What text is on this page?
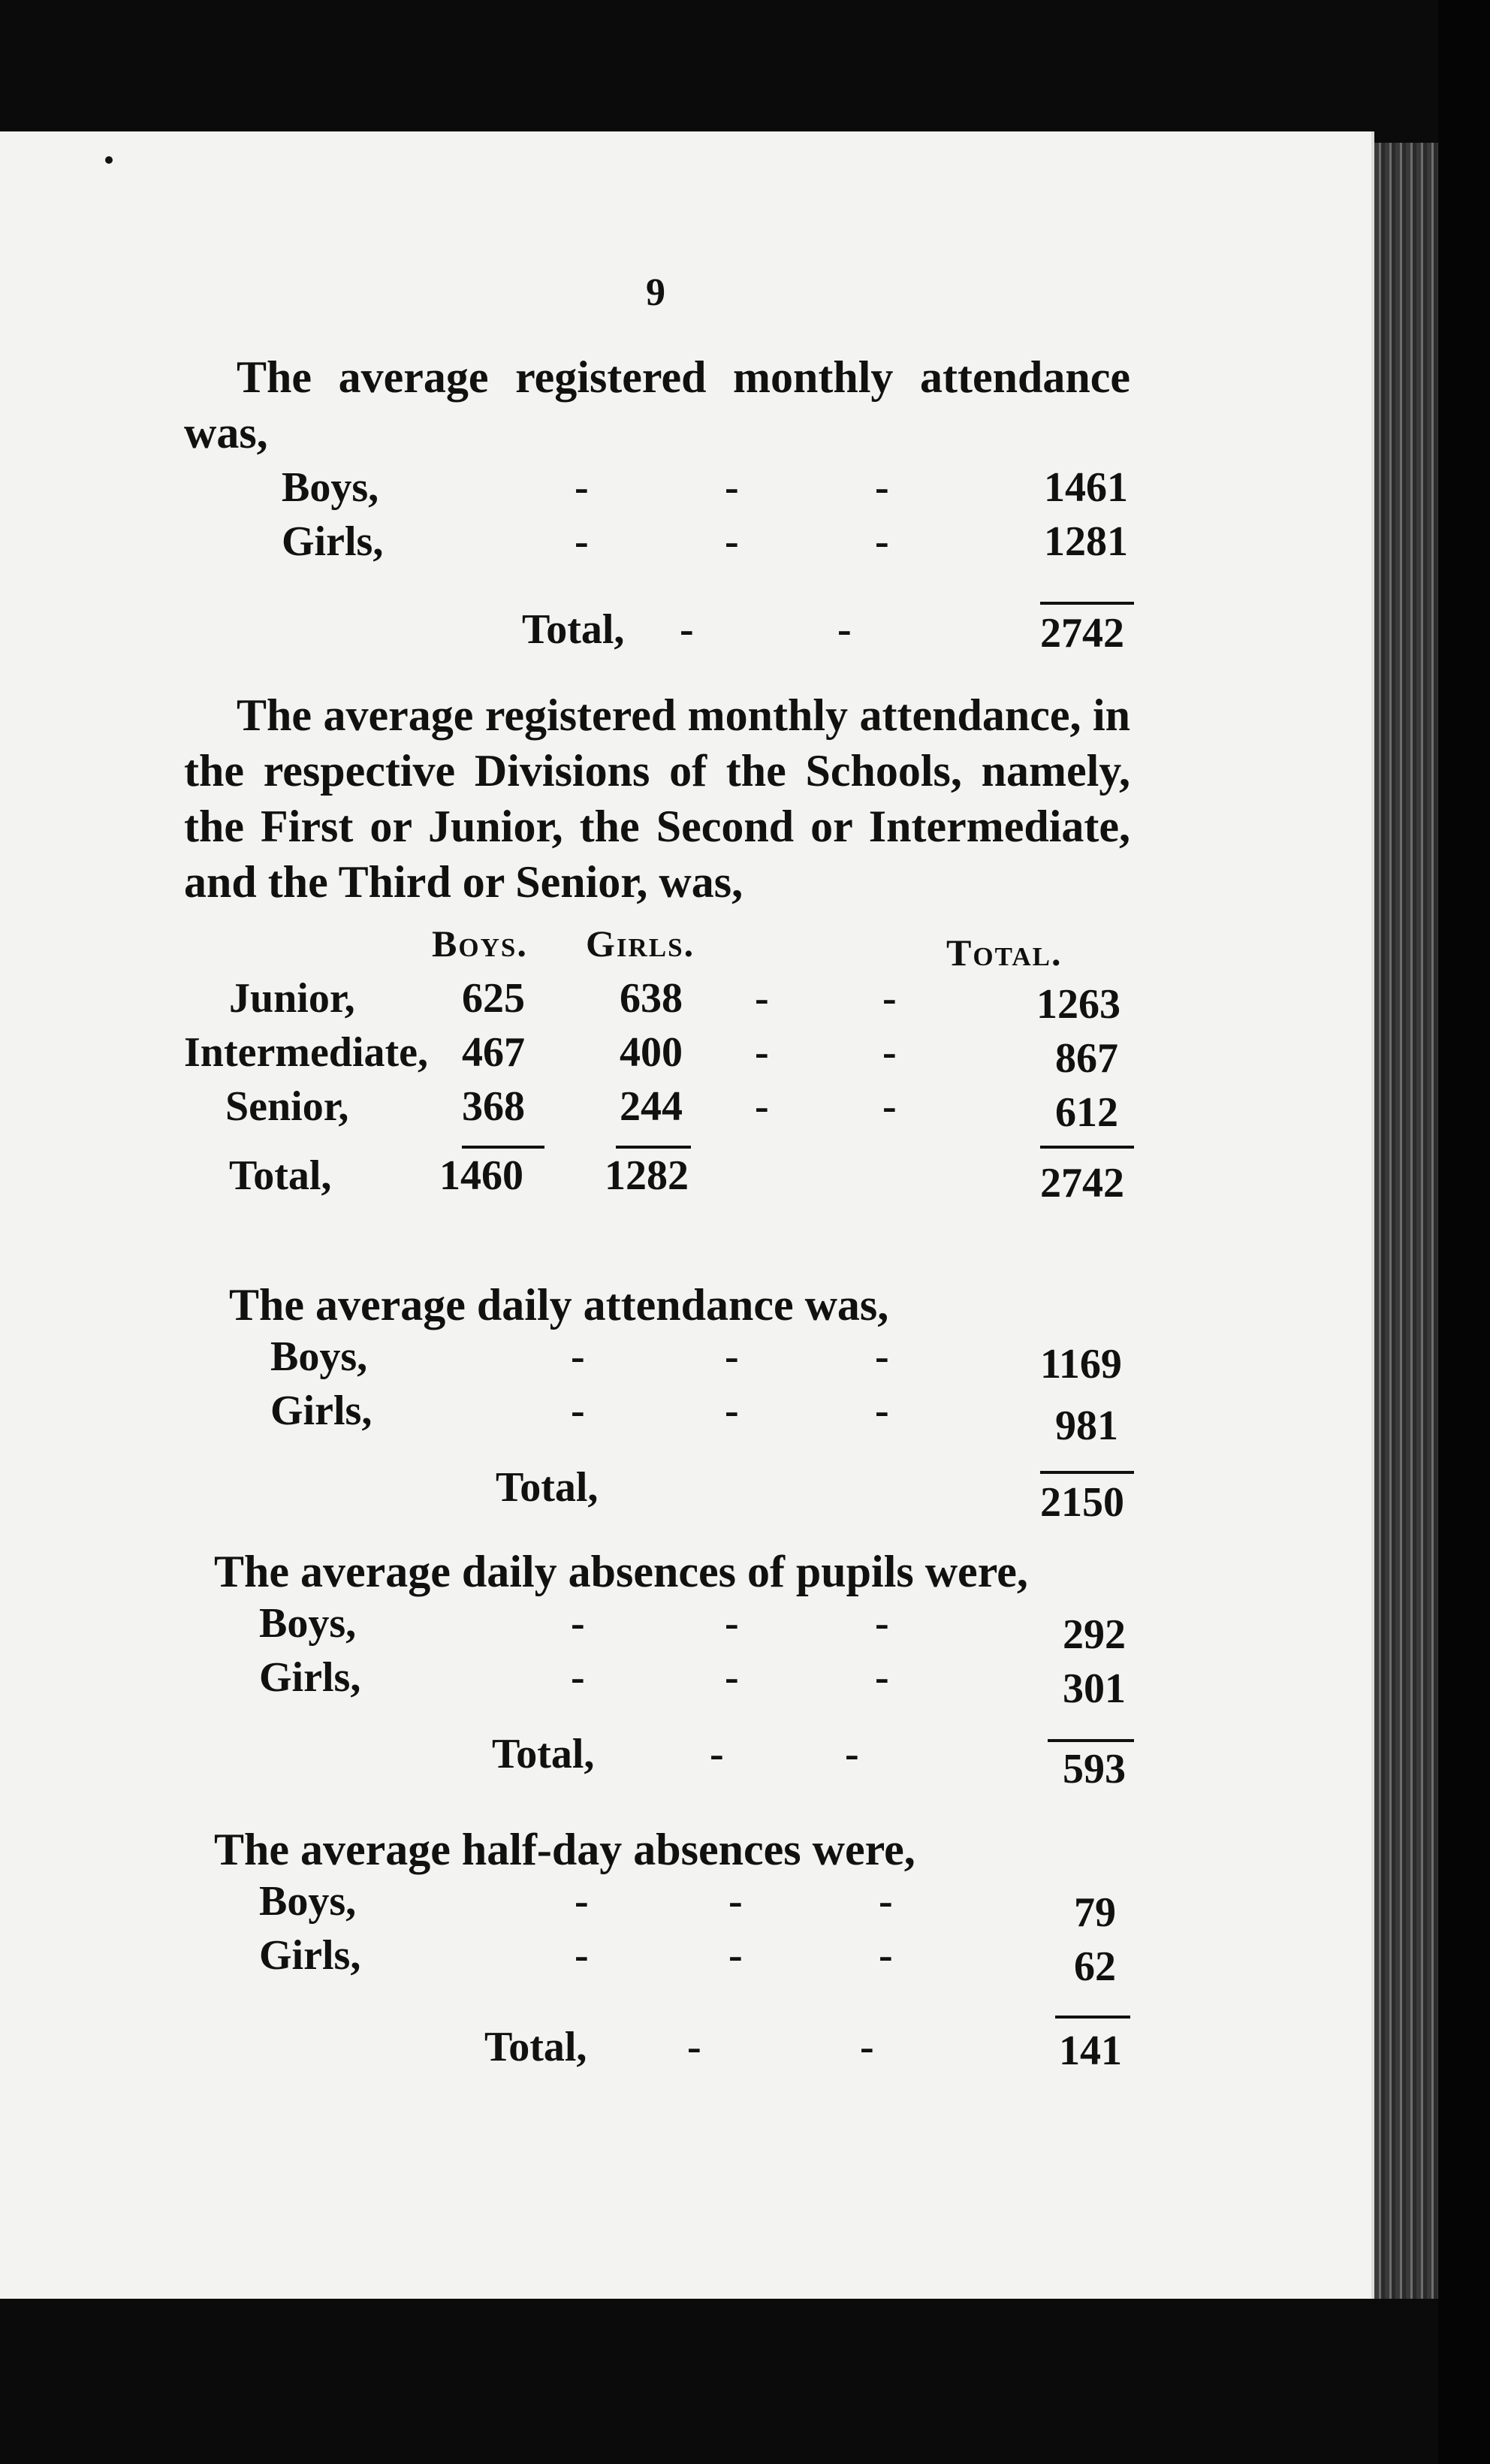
9

The average registered monthly attendance was,

Boys,	-	-	-	1461
Girls,	-	-	-	1281
Total, -	-	2742

The average registered monthly attendance, in the respective Divisions of the Schools, namely, the First or Junior, the Second or Intermediate, and the Third or Senior, was,

Boys. Girls.	Total.
Junior,	625 638 -	-	1263
Intermediate, 467 400 -	-	867
Senior,	368 244 -	-	612
Total,	1460 1282	2742

The average daily attendance was,

Boys,	-	-	-	1169
Girls,	-	-	-	981
Total,	2150

The average daily absences of pupils were,

Boys,	-	-	-	292
Girls,	-	-	-	301
Total,	-	-	593

The average half-day absences were,

Boys,	-	-	-	79
Girls,	-	-	-	62
Total, -	-	141
